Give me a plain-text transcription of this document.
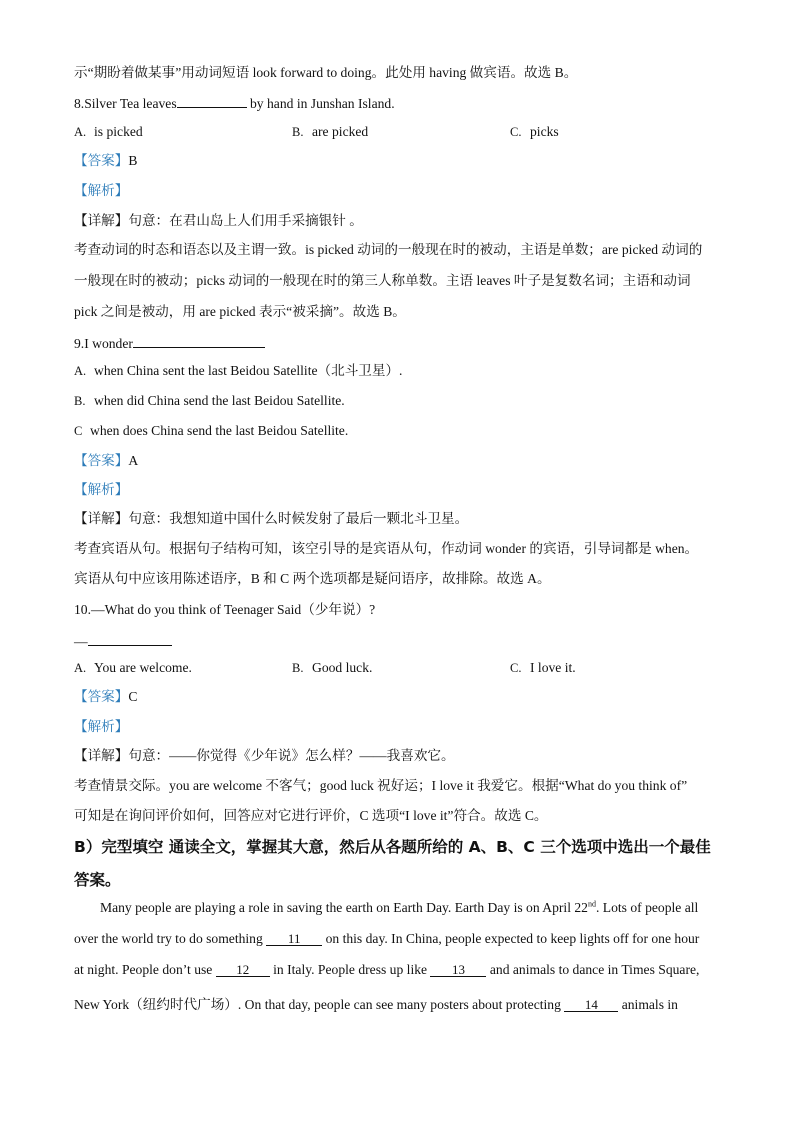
示“期盼着做某事”用动词短语 look forward to doing。此处用 having 做宾语。故选 B。
8.Silver Tea leaves	by hand in Junshan Island.
A. is picked	B. are picked	C. picks
【答案】B
【解析】
【详解】句意：在君山岛上人们用手采摘银针 。
考查动词的时态和语态以及主谓一致。is picked 动词的一般现在时的被动，主语是单数；are picked 动词的
一般现在时的被动；picks 动词的一般现在时的第三人称单数。主语 leaves 叶子是复数名词；主语和动词
pick 之间是被动，用 are picked 表示“被采摘”。故选 B。
9.I wonder
A. when China sent the last Beidou Satellite（北斗卫星）.
B. when did China send the last Beidou Satellite.
C when does China send the last Beidou Satellite.
【答案】A
【解析】
【详解】句意：我想知道中国什么时候发射了最后一颗北斗卫星。
考查宾语从句。根据句子结构可知，该空引导的是宾语从句，作动词 wonder 的宾语，引导词都是 when。
宾语从句中应该用陈述语序，B 和 C 两个选项都是疑问语序，故排除。故选 A。
10.—What do you think of Teenager Said（少年说）?
—
A. You are welcome.	B. Good luck.	C. I love it.
【答案】C
【解析】
【详解】句意：——你觉得《少年说》怎么样？——我喜欢它。
考查情景交际。you are welcome 不客气；good luck 祝好运；I love it 我爱它。根据“What do you think of”
可知是在询问评价如何，回答应对它进行评价，C 选项“I love it”符合。故选 C。
B）完型填空 通读全文，掌握其大意，然后从各题所给的 A、B、C 三个选项中选出一个最佳
答案。
Many people are playing a role in saving the earth on Earth Day. Earth Day is on April 22nd. Lots of people all
over the world try to do something 11 on this day. In China, people expected to keep lights off for one hour
at night. People don’t use 12 in Italy. People dress up like 13 and animals to dance in Times Square,
New York（纽约时代广场）. On that day, people can see many posters about protecting 14 animals in
